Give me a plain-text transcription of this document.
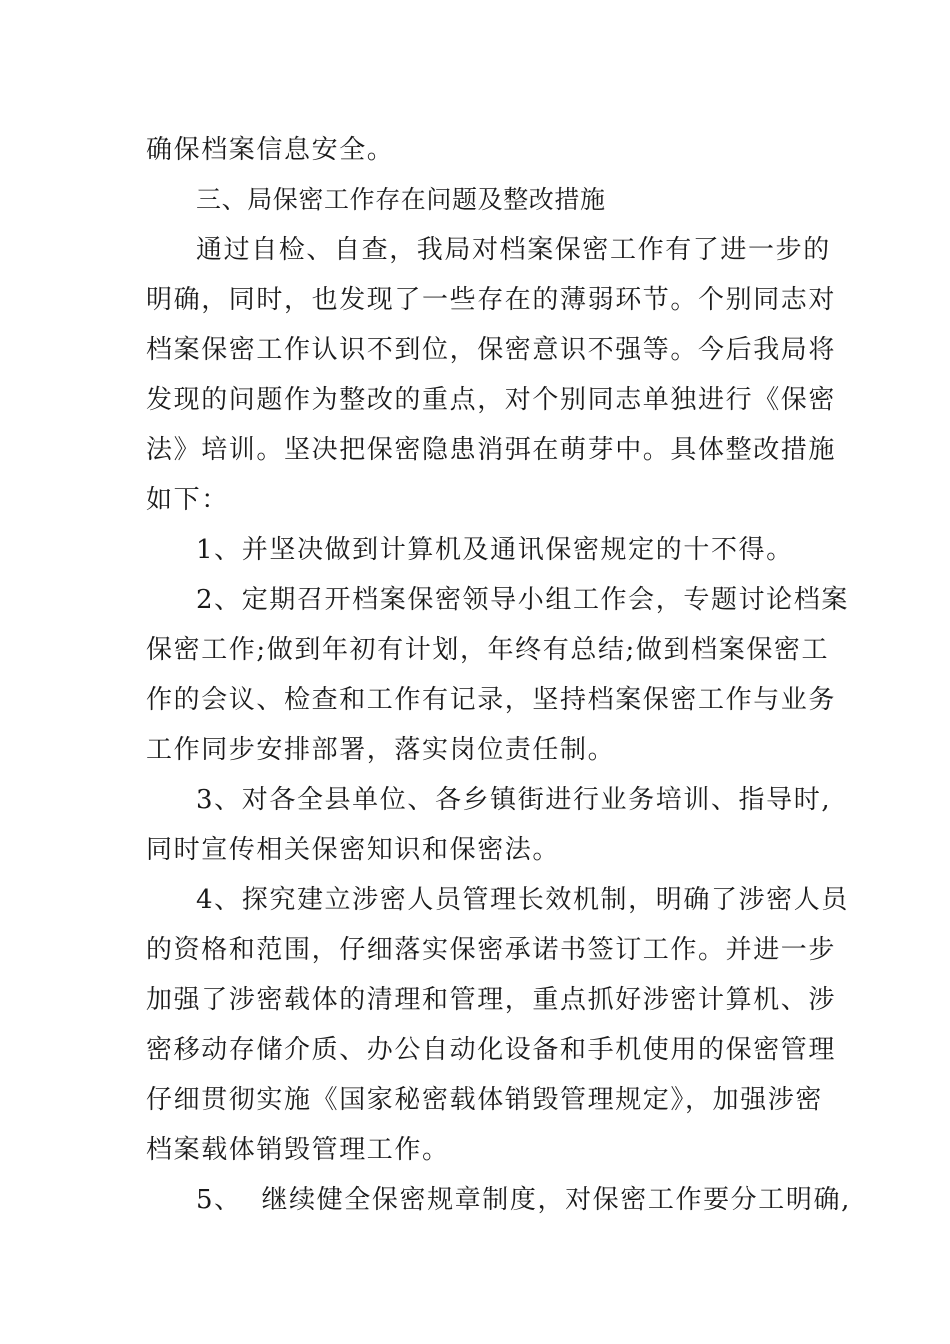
确保档案信息安全。

三、局保密工作存在问题及整改措施

通过自检、自查，我局对档案保密工作有了进一步的

明确，同时，也发现了一些存在的薄弱环节。个别同志对

档案保密工作认识不到位，保密意识不强等。今后我局将

发现的问题作为整改的重点，对个别同志单独进行《保密

法》培训。坚决把保密隐患消弭在萌芽中。具体整改措施

如下：

1、并坚决做到计算机及通讯保密规定的十不得。

2、定期召开档案保密领导小组工作会，专题讨论档案

保密工作;做到年初有计划，年终有总结;做到档案保密工

作的会议、检查和工作有记录，坚持档案保密工作与业务

工作同步安排部署，落实岗位责任制。

3、对各全县单位、各乡镇街进行业务培训、指导时,

同时宣传相关保密知识和保密法。

4、探究建立涉密人员管理长效机制，明确了涉密人员

的资格和范围，仔细落实保密承诺书签订工作。并进一步

加强了涉密载体的清理和管理，重点抓好涉密计算机、涉

密移动存储介质、办公自动化设备和手机使用的保密管理

仔细贯彻实施《国家秘密载体销毁管理规定》，加强涉密

档案载体销毁管理工作。

5、  继续健全保密规章制度，对保密工作要分工明确,
